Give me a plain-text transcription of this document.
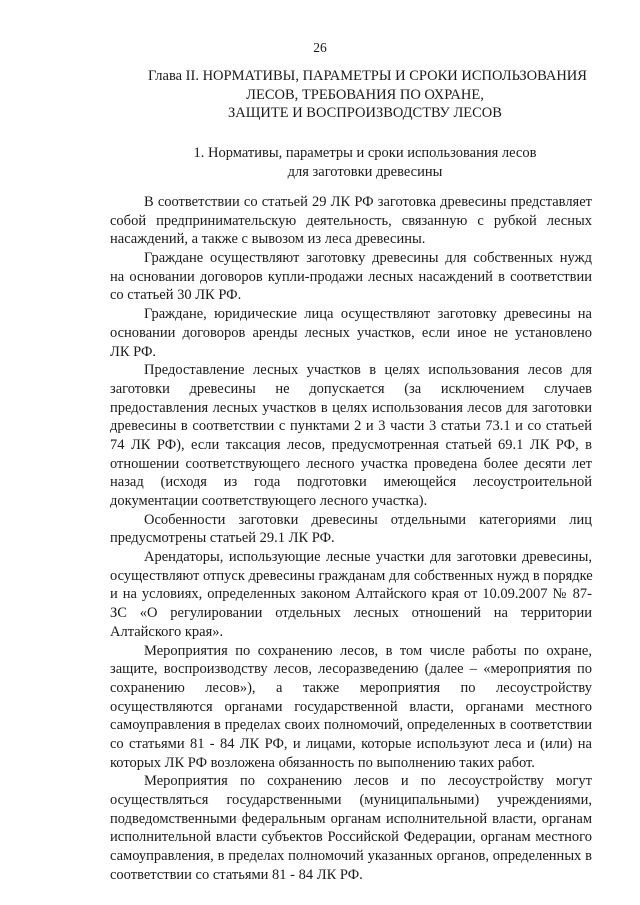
26
Глава II. НОРМАТИВЫ, ПАРАМЕТРЫ И СРОКИ ИСПОЛЬЗОВАНИЯ
ЛЕСОВ, ТРЕБОВАНИЯ ПО ОХРАНЕ,
ЗАЩИТЕ И ВОСПРОИЗВОДСТВУ ЛЕСОВ
1. Нормативы, параметры и сроки использования лесов
для заготовки древесины

В соответствии со статьей 29 ЛК РФ заготовка древесины представляет
собой предпринимательскую деятельность, связанную с рубкой лесных
насаждений, а также с вывозом из леса древесины.

Граждане осуществляют заготовку древесины для собственных нужд
на основании договоров купли-продажи лесных насаждений в соответствии
со статьей 30 ЛК РФ.

Граждане, юридические лица осуществляют заготовку древесины на
основании договоров аренды лесных участков, если иное не установлено
ЛК РФ.

Предоставление лесных участков в целях использования лесов для
заготовки древесины не допускается (за исключением случаев
предоставления лесных участков в целях использования лесов для заготовки
древесины в соответствии с пунктами 2 и 3 части 3 статьи 73.1 и со статьей
74 ЛК РФ), если таксация лесов, предусмотренная статьей 69.1 ЛК РФ, в
отношении соответствующего лесного участка проведена более десяти лет
назад (исходя из года подготовки имеющейся лесоустроительной
документации соответствующего лесного участка).

Особенности заготовки древесины отдельными категориями лиц
предусмотрены статьей 29.1 ЛК РФ.

Арендаторы, использующие лесные участки для заготовки древесины,
осуществляют отпуск древесины гражданам для собственных нужд в порядке
и на условиях, определенных законом Алтайского края от 10.09.2007 № 87-
ЗС «О регулировании отдельных лесных отношений на территории
Алтайского края».

Мероприятия по сохранению лесов, в том числе работы по охране,
защите, воспроизводству лесов, лесоразведению (далее – «мероприятия по
сохранению лесов»), а также мероприятия по лесоустройству
осуществляются органами государственной власти, органами местного
самоуправления в пределах своих полномочий, определенных в соответствии
со статьями 81 - 84 ЛК РФ, и лицами, которые используют леса и (или) на
которых ЛК РФ возложена обязанность по выполнению таких работ.

Мероприятия по сохранению лесов и по лесоустройству могут
осуществляться государственными (муниципальными) учреждениями,
подведомственными федеральным органам исполнительной власти, органам
исполнительной власти субъектов Российской Федерации, органам местного
самоуправления, в пределах полномочий указанных органов, определенных в
соответствии со статьями 81 - 84 ЛК РФ.
